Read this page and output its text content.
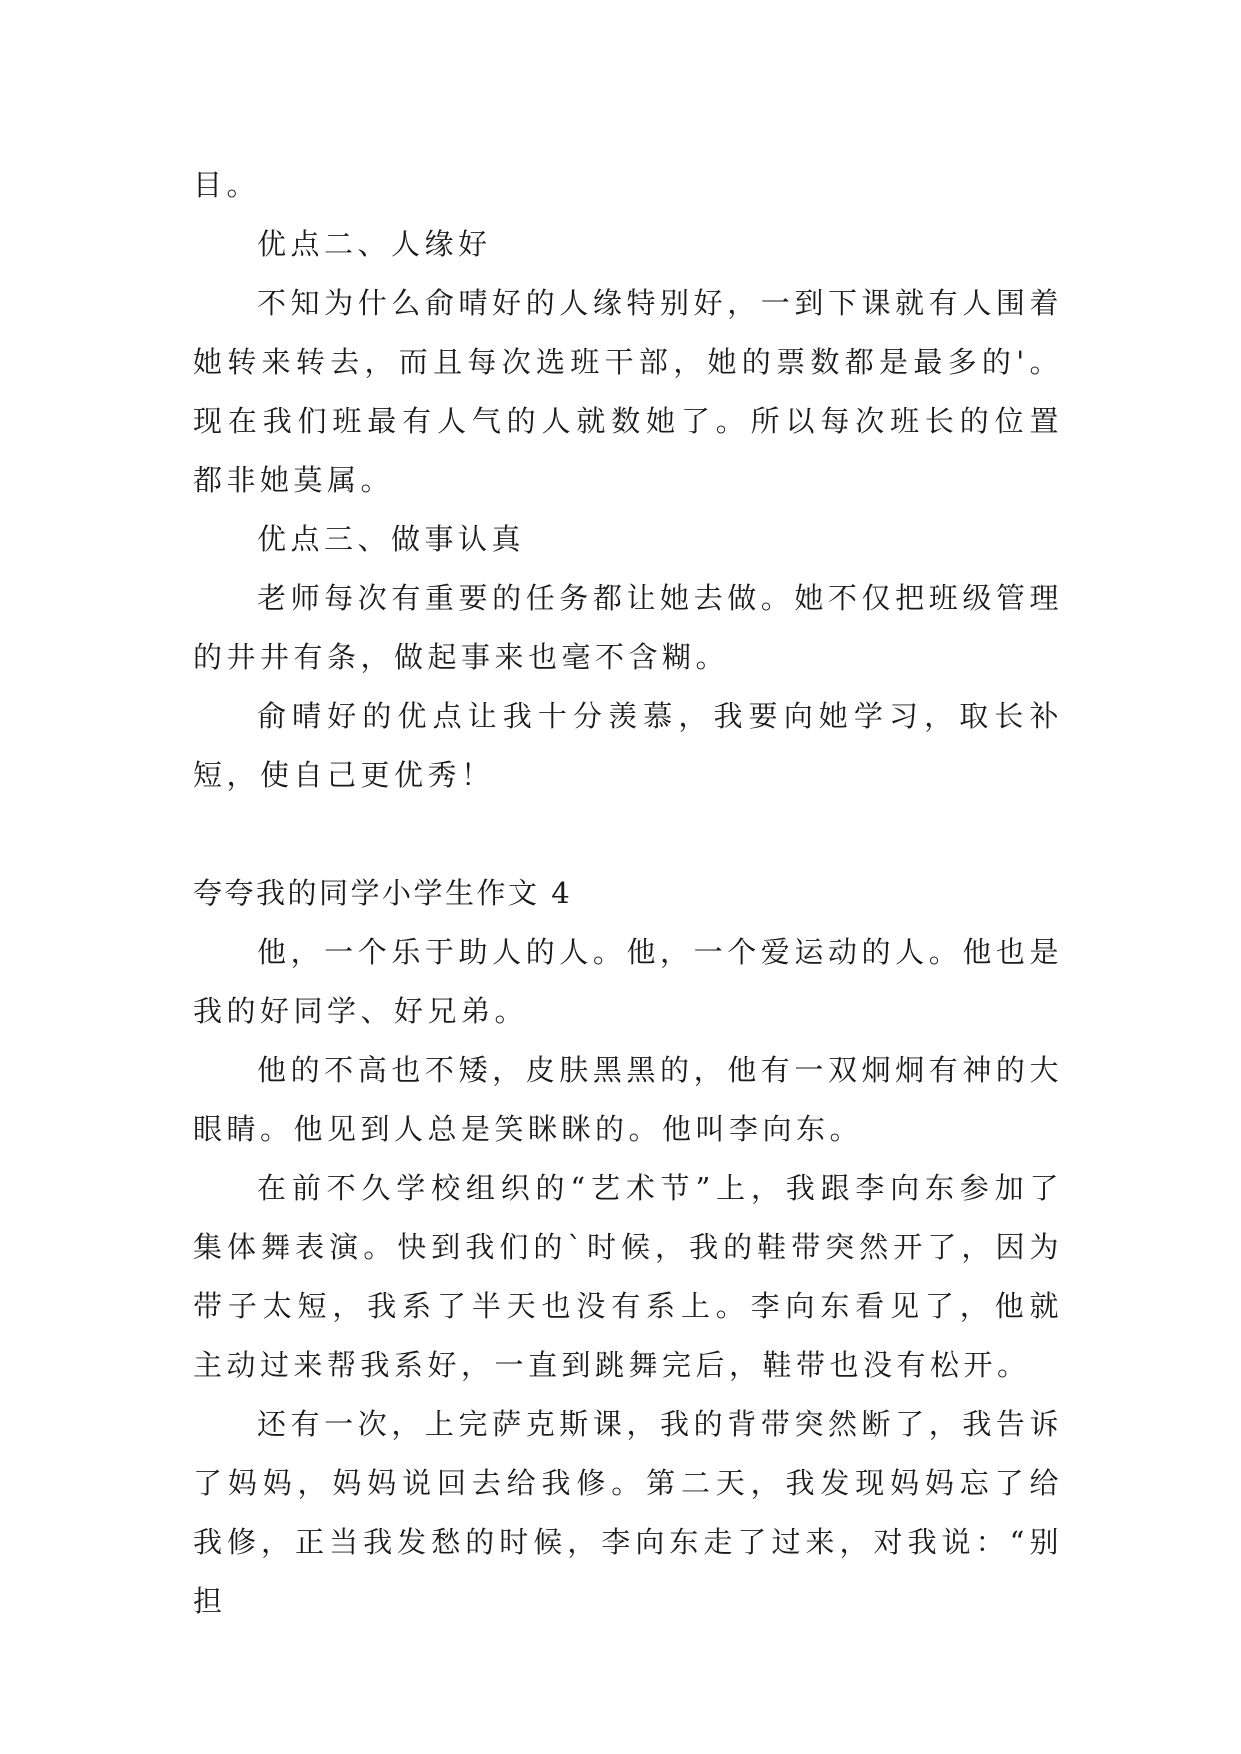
目。

优点二、人缘好

不知为什么俞晴好的人缘特别好，一到下课就有人围着她转来转去，而且每次选班干部，她的票数都是最多的'。现在我们班最有人气的人就数她了。所以每次班长的位置都非她莫属。

优点三、做事认真

老师每次有重要的任务都让她去做。她不仅把班级管理的井井有条，做起事来也毫不含糊。

俞晴好的优点让我十分羡慕，我要向她学习，取长补短，使自己更优秀！

夸夸我的同学小学生作文 4

他，一个乐于助人的人。他，一个爱运动的人。他也是我的好同学、好兄弟。

他的不高也不矮，皮肤黑黑的，他有一双炯炯有神的大眼睛。他见到人总是笑眯眯的。他叫李向东。

在前不久学校组织的“艺术节”上，我跟李向东参加了集体舞表演。快到我们的`时候，我的鞋带突然开了，因为带子太短，我系了半天也没有系上。李向东看见了，他就主动过来帮我系好，一直到跳舞完后，鞋带也没有松开。

还有一次，上完萨克斯课，我的背带突然断了，我告诉了妈妈，妈妈说回去给我修。第二天，我发现妈妈忘了给我修，正当我发愁的时候，李向东走了过来，对我说：“别担
